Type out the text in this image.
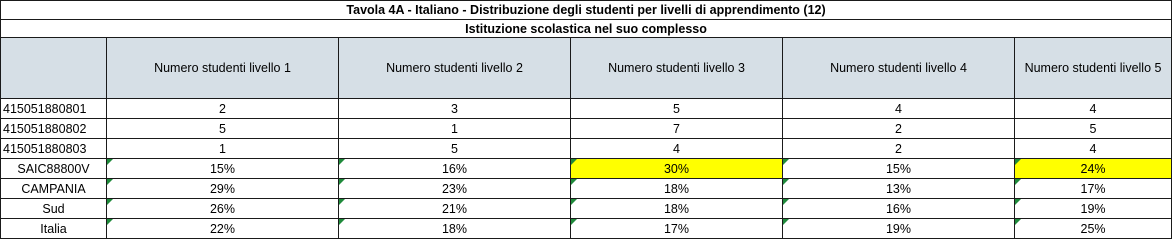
Tavola 4A - Italiano - Distribuzione degli studenti per livelli di apprendimento (12)					
Istituzione scolastica nel suo complesso					
	Numero studenti livello 1	Numero studenti livello 2	Numero studenti livello 3	Numero studenti livello 4	Numero studenti livello 5
415051880801	2	3	5	4	4
415051880802	5	1	7	2	5
415051880803	1	5	4	2	4
SAIC88800V	15%	16%	30%	15%	24%
CAMPANIA	29%	23%	18%	13%	17%
Sud	26%	21%	18%	16%	19%
Italia	22%	18%	17%	19%	25%
